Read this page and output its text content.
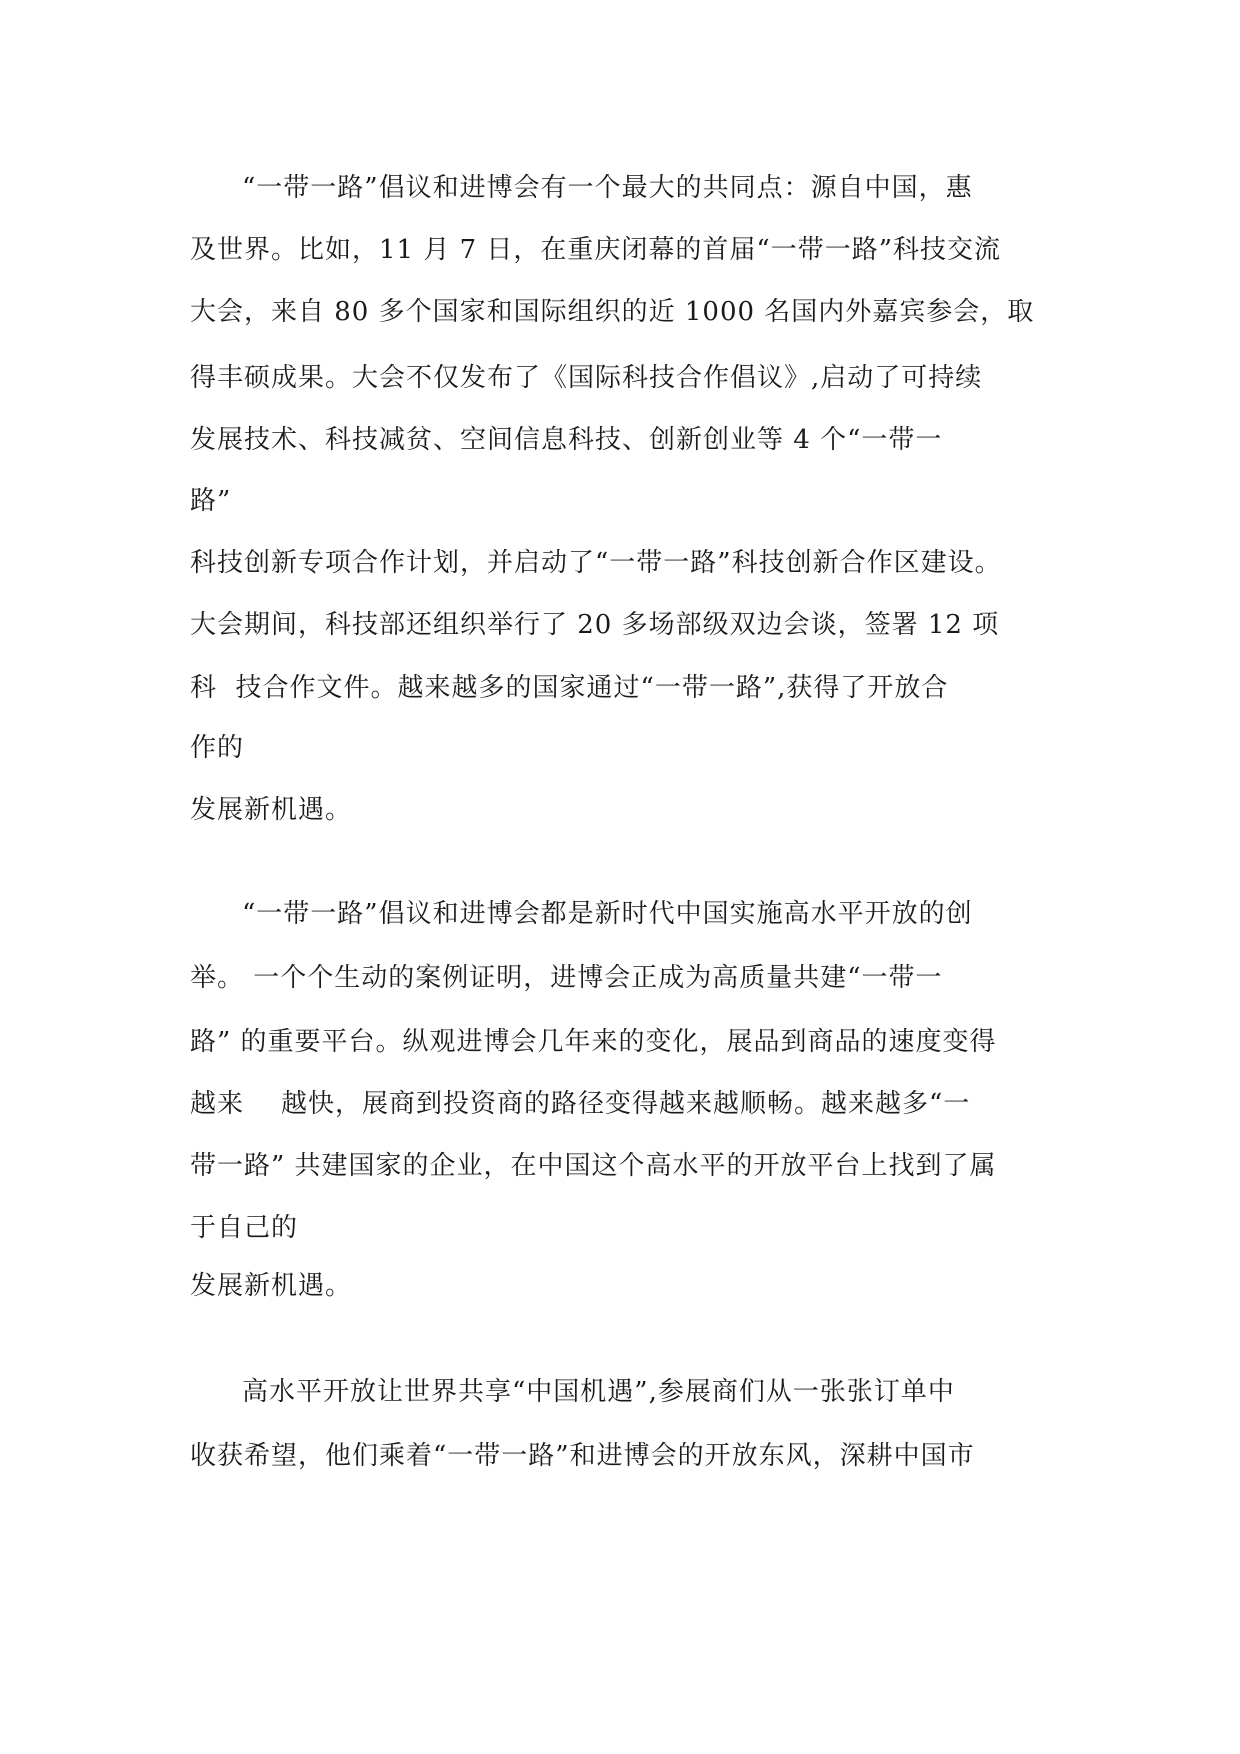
“一带一路”倡议和进博会有一个最大的共同点：源自中国，惠
及世界。比如，11 月 7 日，在重庆闭幕的首届“一带一路”科技交流
大会，来自 80 多个国家和国际组织的近 1000 名国内外嘉宾参会，取
得丰硕成果。大会不仅发布了《国际科技合作倡议》,启动了可持续
发展技术、科技减贫、空间信息科技、创新创业等 4 个“一带一
路”
科技创新专项合作计划，并启动了“一带一路”科技创新合作区建设。
大会期间，科技部还组织举行了 20 多场部级双边会谈，签署 12 项
科  技合作文件。越来越多的国家通过“一带一路”,获得了开放合
作的
发展新机遇。
“一带一路”倡议和进博会都是新时代中国实施高水平开放的创
举。 一个个生动的案例证明，进博会正成为高质量共建“一带一
路” 的重要平台。纵观进博会几年来的变化，展品到商品的速度变得
越来    越快，展商到投资商的路径变得越来越顺畅。越来越多“一
带一路” 共建国家的企业，在中国这个高水平的开放平台上找到了属
于自己的
发展新机遇。
高水平开放让世界共享“中国机遇”,参展商们从一张张订单中
收获希望，他们乘着“一带一路”和进博会的开放东风，深耕中国市
